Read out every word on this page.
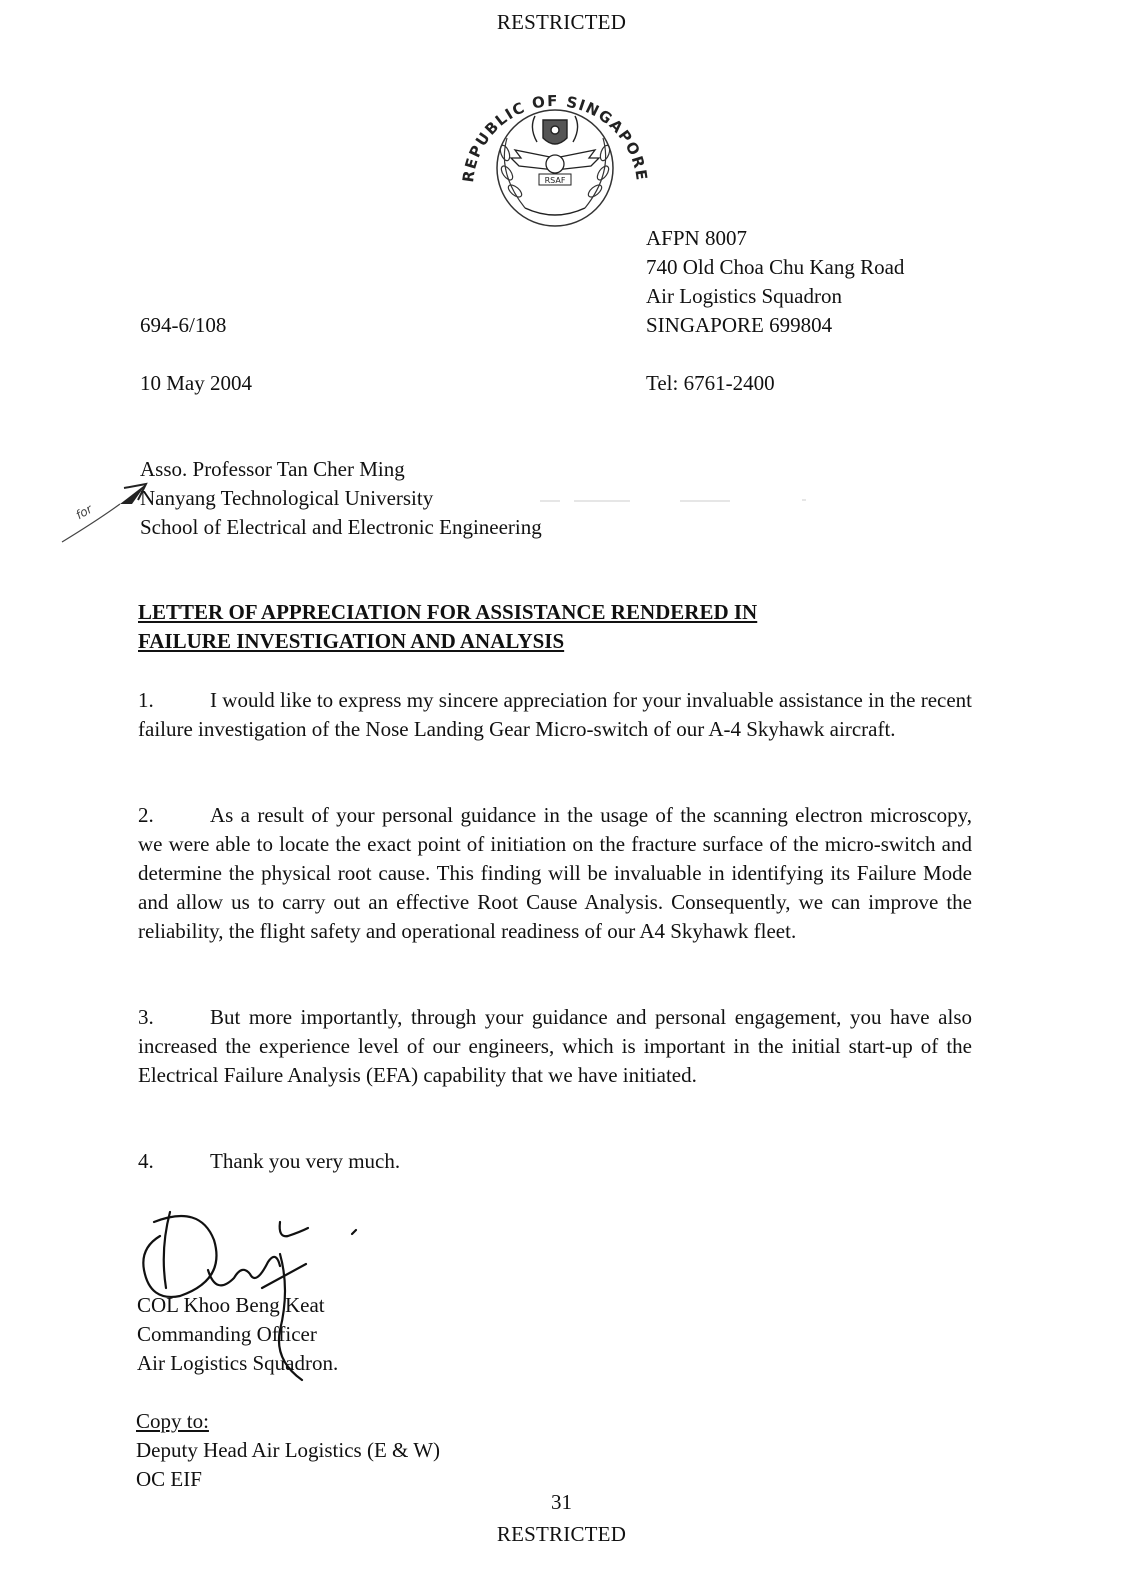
RESTRICTED
REPUBLIC OF SINGAPORE AIR FORCE
RSAF
AFPN 8007
740 Old Choa Chu Kang Road
Air Logistics Squadron
SINGAPORE 699804
694-6/108
10 May 2004	Tel: 6761-2400
Asso. Professor Tan Cher Ming
Nanyang Technological University
School of Electrical and Electronic Engineering
for
LETTER OF APPRECIATION FOR ASSISTANCE RENDERED IN
FAILURE INVESTIGATION AND ANALYSIS
1.	I would like to express my sincere appreciation for your invaluable assistance in the recent failure investigation of the Nose Landing Gear Micro-switch of our A-4 Skyhawk aircraft.
2.	As a result of your personal guidance in the usage of the scanning electron microscopy, we were able to locate the exact point of initiation on the fracture surface of the micro-switch and determine the physical root cause. This finding will be invaluable in identifying its Failure Mode and allow us to carry out an effective Root Cause Analysis. Consequently, we can improve the reliability, the flight safety and operational readiness of our A4 Skyhawk fleet.
3.	But more importantly, through your guidance and personal engagement, you have also increased the experience level of our engineers, which is important in the initial start-up of the Electrical Failure Analysis (EFA) capability that we have initiated.
4.	Thank you very much.
COL Khoo Beng Keat
Commanding Officer
Air Logistics Squadron.
Copy to:
Deputy Head Air Logistics (E & W)
OC EIF
31
RESTRICTED
